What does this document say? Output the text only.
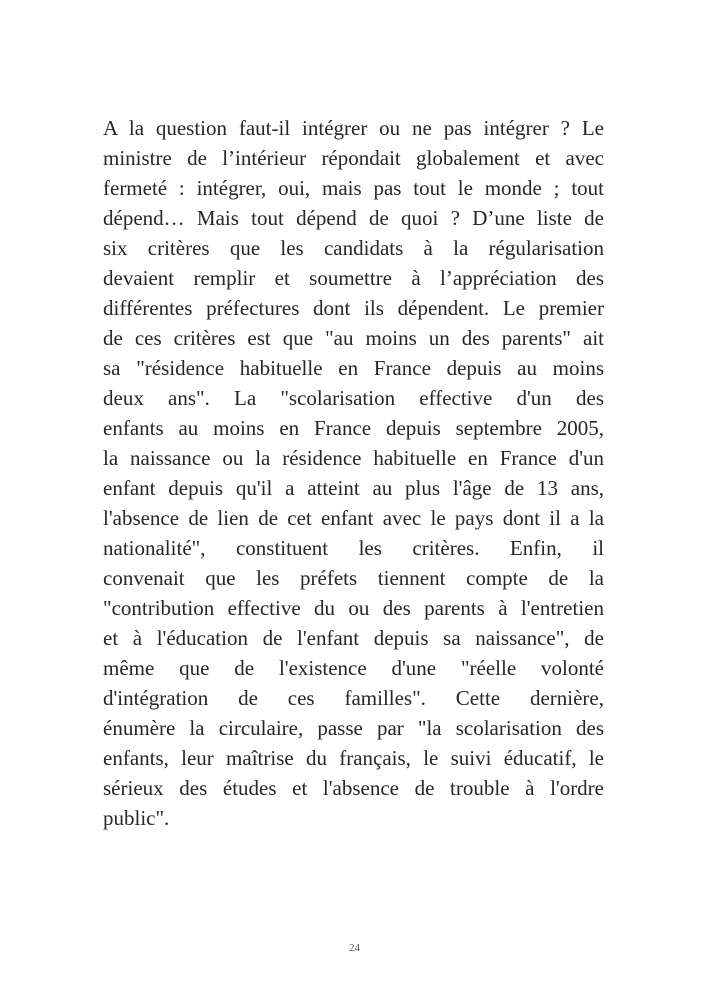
A la question faut-il intégrer ou ne pas intégrer ? Le
ministre de l’intérieur répondait globalement et avec
fermeté : intégrer, oui, mais pas tout le monde ; tout
dépend… Mais tout dépend de quoi ? D’une liste de
six critères que les candidats à la régularisation
devaient remplir et soumettre à l’appréciation des
différentes préfectures dont ils dépendent. Le premier
de ces critères est que "au moins un des parents" ait
sa "résidence habituelle en France depuis au moins
deux ans". La "scolarisation effective d'un des
enfants au moins en France depuis septembre 2005,
la naissance ou la résidence habituelle en France d'un
enfant depuis qu'il a atteint au plus l'âge de 13 ans,
l'absence de lien de cet enfant avec le pays dont il a la
nationalité", constituent les critères. Enfin, il
convenait que les préfets tiennent compte de la
"contribution effective du ou des parents à l'entretien
et à l'éducation de l'enfant depuis sa naissance", de
même que de l'existence d'une "réelle volonté
d'intégration de ces familles". Cette dernière,
énumère la circulaire, passe par "la scolarisation des
enfants, leur maîtrise du français, le suivi éducatif, le
sérieux des études et l'absence de trouble à l'ordre
public".
24
